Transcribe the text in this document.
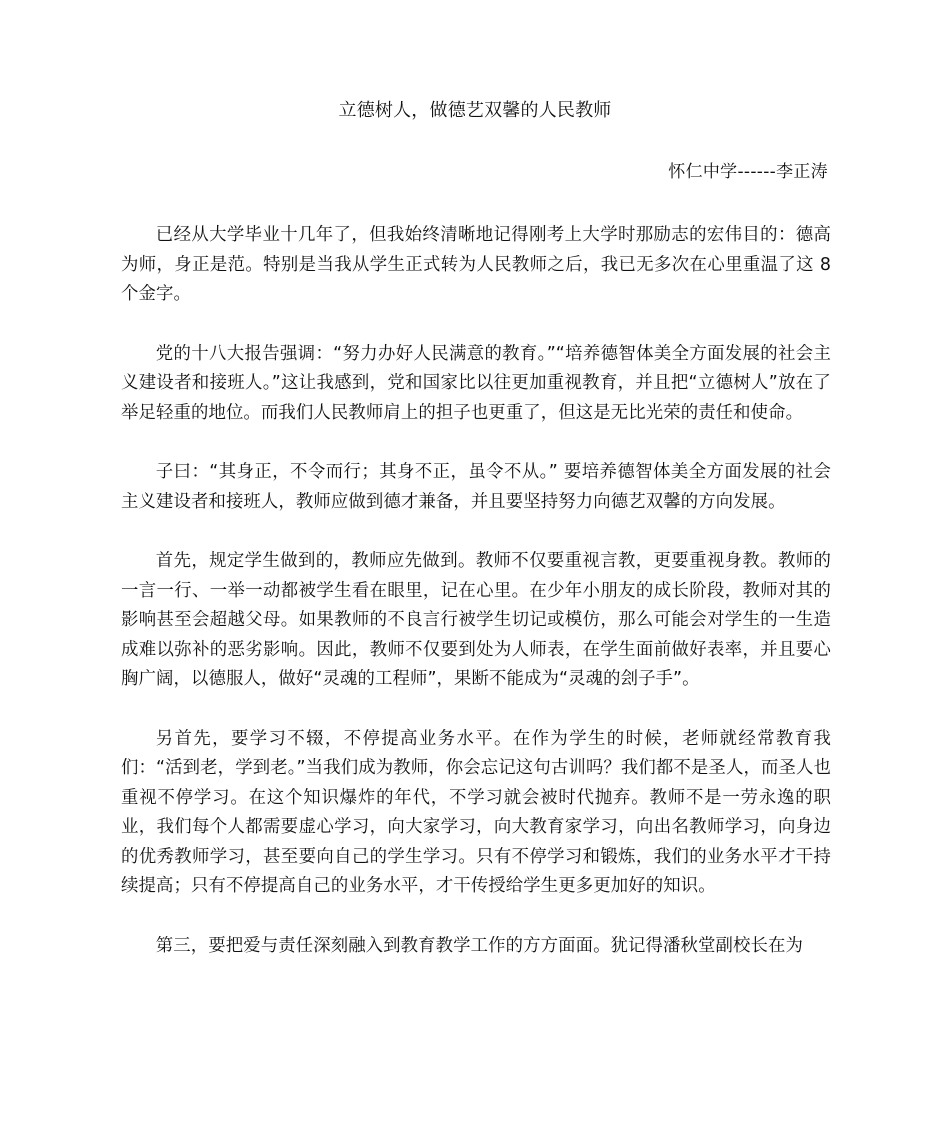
立德树人，做德艺双馨的人民教师
怀仁中学------李正涛

已经从大学毕业十几年了，但我始终清晰地记得刚考上大学时那励志的宏伟目的：德高为师，身正是范。特别是当我从学生正式转为人民教师之后，我已无多次在心里重温了这 8 个金字。

党的十八大报告强调：“努力办好人民满意的教育。”“培养德智体美全方面发展的社会主义建设者和接班人。”这让我感到，党和国家比以往更加重视教育，并且把“立德树人”放在了举足轻重的地位。而我们人民教师肩上的担子也更重了，但这是无比光荣的责任和使命。

子曰：“其身正，不令而行；其身不正，虽令不从。” 要培养德智体美全方面发展的社会主义建设者和接班人，教师应做到德才兼备，并且要坚持努力向德艺双馨的方向发展。

首先，规定学生做到的，教师应先做到。教师不仅要重视言教，更要重视身教。教师的一言一行、一举一动都被学生看在眼里，记在心里。在少年小朋友的成长阶段，教师对其的影响甚至会超越父母。如果教师的不良言行被学生切记或模仿，那么可能会对学生的一生造成难以弥补的恶劣影响。因此，教师不仅要到处为人师表，在学生面前做好表率，并且要心胸广阔，以德服人，做好“灵魂的工程师”，果断不能成为“灵魂的刽子手”。

另首先，要学习不辍，不停提高业务水平。在作为学生的时候，老师就经常教育我们：“活到老，学到老。”当我们成为教师，你会忘记这句古训吗？我们都不是圣人，而圣人也重视不停学习。在这个知识爆炸的年代，不学习就会被时代抛弃。教师不是一劳永逸的职业，我们每个人都需要虚心学习，向大家学习，向大教育家学习，向出名教师学习，向身边的优秀教师学习，甚至要向自己的学生学习。只有不停学习和锻炼，我们的业务水平才干持续提高；只有不停提高自己的业务水平，才干传授给学生更多更加好的知识。

第三，要把爱与责任深刻融入到教育教学工作的方方面面。犹记得潘秋堂副校长在为
